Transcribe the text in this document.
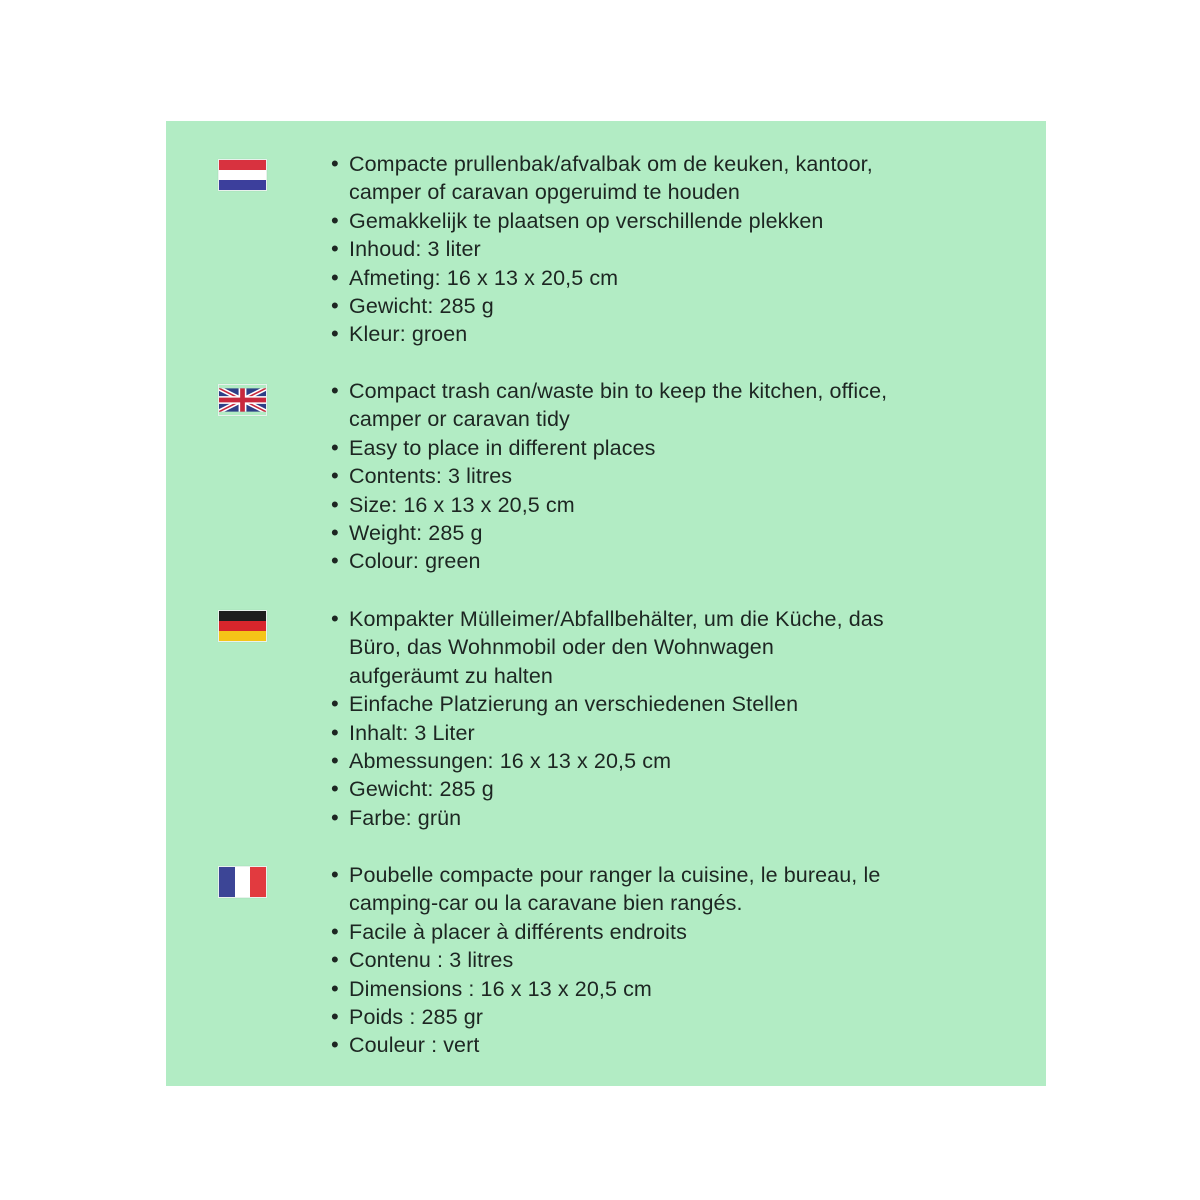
• Compacte prullenbak/afvalbak om de keuken, kantoor, camper of caravan opgeruimd te houden
• Gemakkelijk te plaatsen op verschillende plekken
• Inhoud: 3 liter
• Afmeting: 16 x 13 x 20,5 cm
• Gewicht: 285 g
• Kleur: groen
• Compact trash can/waste bin to keep the kitchen, office, camper or caravan tidy
• Easy to place in different places
• Contents: 3 litres
• Size: 16 x 13 x 20,5 cm
• Weight: 285 g
• Colour: green
• Kompakter Mülleimer/Abfallbehälter, um die Küche, das Büro, das Wohnmobil oder den Wohnwagen aufgeräumt zu halten
• Einfache Platzierung an verschiedenen Stellen
• Inhalt: 3 Liter
• Abmessungen: 16 x 13 x 20,5 cm
• Gewicht: 285 g
• Farbe: grün
• Poubelle compacte pour ranger la cuisine, le bureau, le camping-car ou la caravane bien rangés.
• Facile à placer à différents endroits
• Contenu : 3 litres
• Dimensions : 16 x 13 x 20,5 cm
• Poids : 285 gr
• Couleur : vert
